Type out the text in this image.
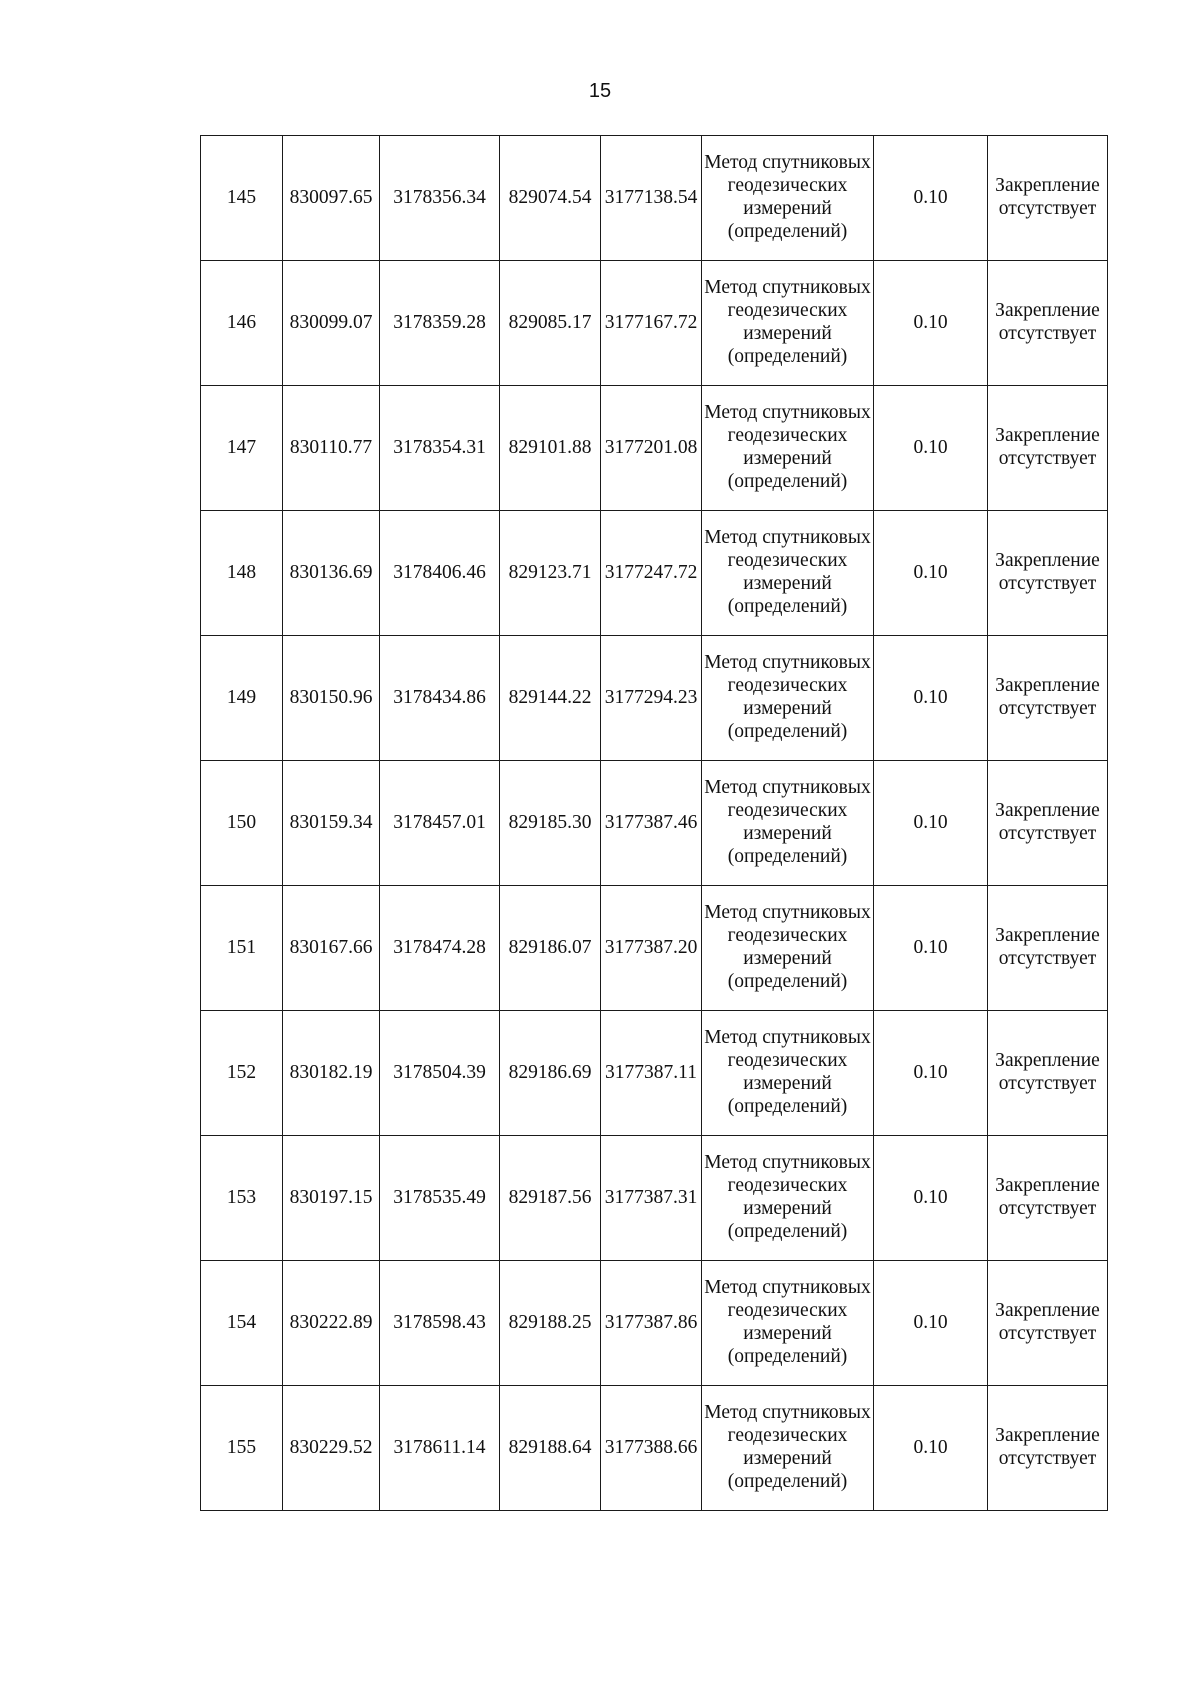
15
145	830097.65	3178356.34	829074.54	3177138.54	Метод спутниковых геодезических измерений (определений)	0.10	Закрепление отсутствует
146	830099.07	3178359.28	829085.17	3177167.72	Метод спутниковых геодезических измерений (определений)	0.10	Закрепление отсутствует
147	830110.77	3178354.31	829101.88	3177201.08	Метод спутниковых геодезических измерений (определений)	0.10	Закрепление отсутствует
148	830136.69	3178406.46	829123.71	3177247.72	Метод спутниковых геодезических измерений (определений)	0.10	Закрепление отсутствует
149	830150.96	3178434.86	829144.22	3177294.23	Метод спутниковых геодезических измерений (определений)	0.10	Закрепление отсутствует
150	830159.34	3178457.01	829185.30	3177387.46	Метод спутниковых геодезических измерений (определений)	0.10	Закрепление отсутствует
151	830167.66	3178474.28	829186.07	3177387.20	Метод спутниковых геодезических измерений (определений)	0.10	Закрепление отсутствует
152	830182.19	3178504.39	829186.69	3177387.11	Метод спутниковых геодезических измерений (определений)	0.10	Закрепление отсутствует
153	830197.15	3178535.49	829187.56	3177387.31	Метод спутниковых геодезических измерений (определений)	0.10	Закрепление отсутствует
154	830222.89	3178598.43	829188.25	3177387.86	Метод спутниковых геодезических измерений (определений)	0.10	Закрепление отсутствует
155	830229.52	3178611.14	829188.64	3177388.66	Метод спутниковых геодезических измерений (определений)	0.10	Закрепление отсутствует
